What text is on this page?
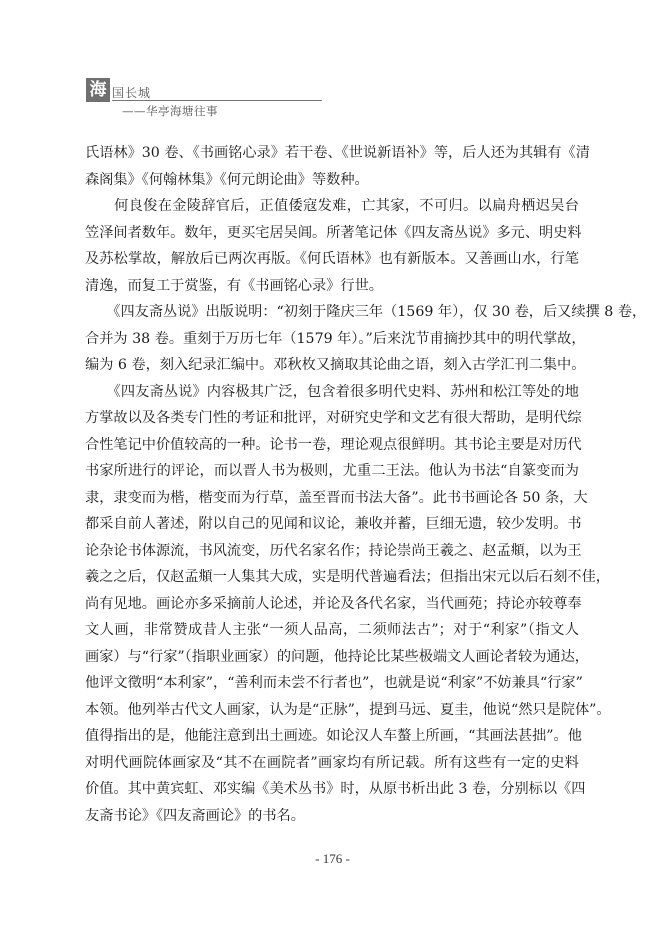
海 国长城
——华亭海塘往事
氏语林》30 卷、《书画铭心录》若干卷、《世说新语补》等，后人还为其辑有《清
森阁集》《何翰林集》《何元朗论曲》等数种。
　　何良俊在金陵辞官后，正值倭寇发难，亡其家，不可归。以扁舟栖迟吴台
笠泽间者数年。数年，更买宅居吴阊。所著笔记体《四友斋丛说》多元、明史料
及苏松掌故，解放后已两次再版。《何氏语林》也有新版本。又善画山水，行笔
清逸，而复工于赏鉴，有《书画铭心录》行世。
　　《四友斋丛说》出版说明：“初刻于隆庆三年（1569 年），仅 30 卷，后又续撰 8 卷，
合并为 38 卷。重刻于万历七年（1579 年）。”后来沈节甫摘抄其中的明代掌故，
编为 6 卷，刻入纪录汇编中。邓秋枚又摘取其论曲之语，刻入古学汇刊二集中。
　　《四友斋丛说》内容极其广泛，包含着很多明代史料、苏州和松江等处的地
方掌故以及各类专门性的考证和批评，对研究史学和文艺有很大帮助，是明代综
合性笔记中价值较高的一种。论书一卷，理论观点很鲜明。其书论主要是对历代
书家所进行的评论，而以晋人书为极则，尤重二王法。他认为书法“自篆变而为
隶，隶变而为楷，楷变而为行草，盖至晋而书法大备”。此书书画论各 50 条，大
都采自前人著述，附以自己的见闻和议论，兼收并蓄，巨细无遗，较少发明。书
论杂论书体源流，书风流变，历代名家名作；持论崇尚王羲之、赵孟頫，以为王
羲之之后，仅赵孟頫一人集其大成，实是明代普遍看法；但指出宋元以后石刻不佳，
尚有见地。画论亦多采摘前人论述，并论及各代名家，当代画苑；持论亦较尊奉
文人画，非常赞成昔人主张“一须人品高，二须师法古”；对于“利家”（指文人
画家）与“行家”（指职业画家）的问题，他持论比某些极端文人画论者较为通达，
他评文徵明“本利家”，“善利而未尝不行者也”，也就是说“利家”不妨兼具“行家”
本领。他列举古代文人画家，认为是“正脉”，提到马远、夏圭，他说“然只是院体”。
值得指出的是，他能注意到出土画迹。如论汉人车螯上所画，“其画法甚拙”。他
对明代画院体画家及“其不在画院者”画家均有所记载。所有这些有一定的史料
价值。其中黄宾虹、邓实编《美术丛书》时，从原书析出此 3 卷，分别标以《四
友斋书论》《四友斋画论》的书名。
- 176 -
